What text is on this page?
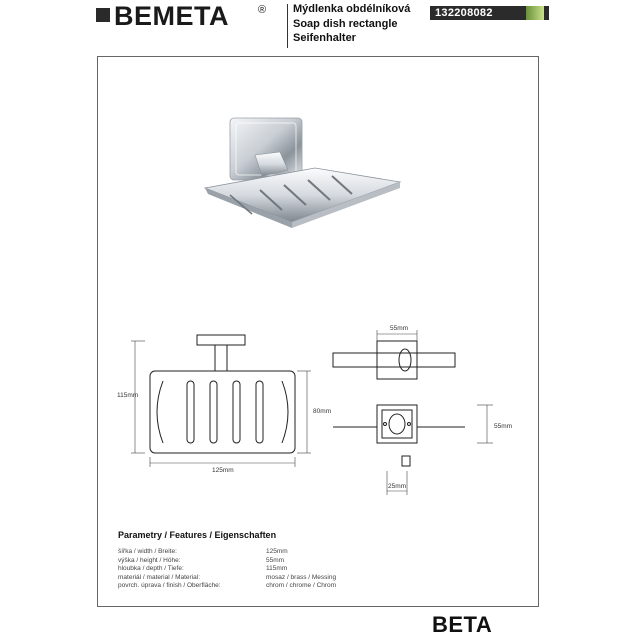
BEMETA	® Mýdlenka obdélníková
Soap dish rectangle
Seifenhalter
132208082
115mm
80mm
125mm
55mm
55mm
25mm
Parametry / Features / Eigenschaften
šířka / width / Breite:	125mm
výška / height / Höhe:	55mm
hloubka / depth / Tiefe:	115mm
materiál / material / Material:	mosaz / brass / Messing
povrch. úprava / finish / Oberfläche:	chrom / chrome / Chrom
BETA
